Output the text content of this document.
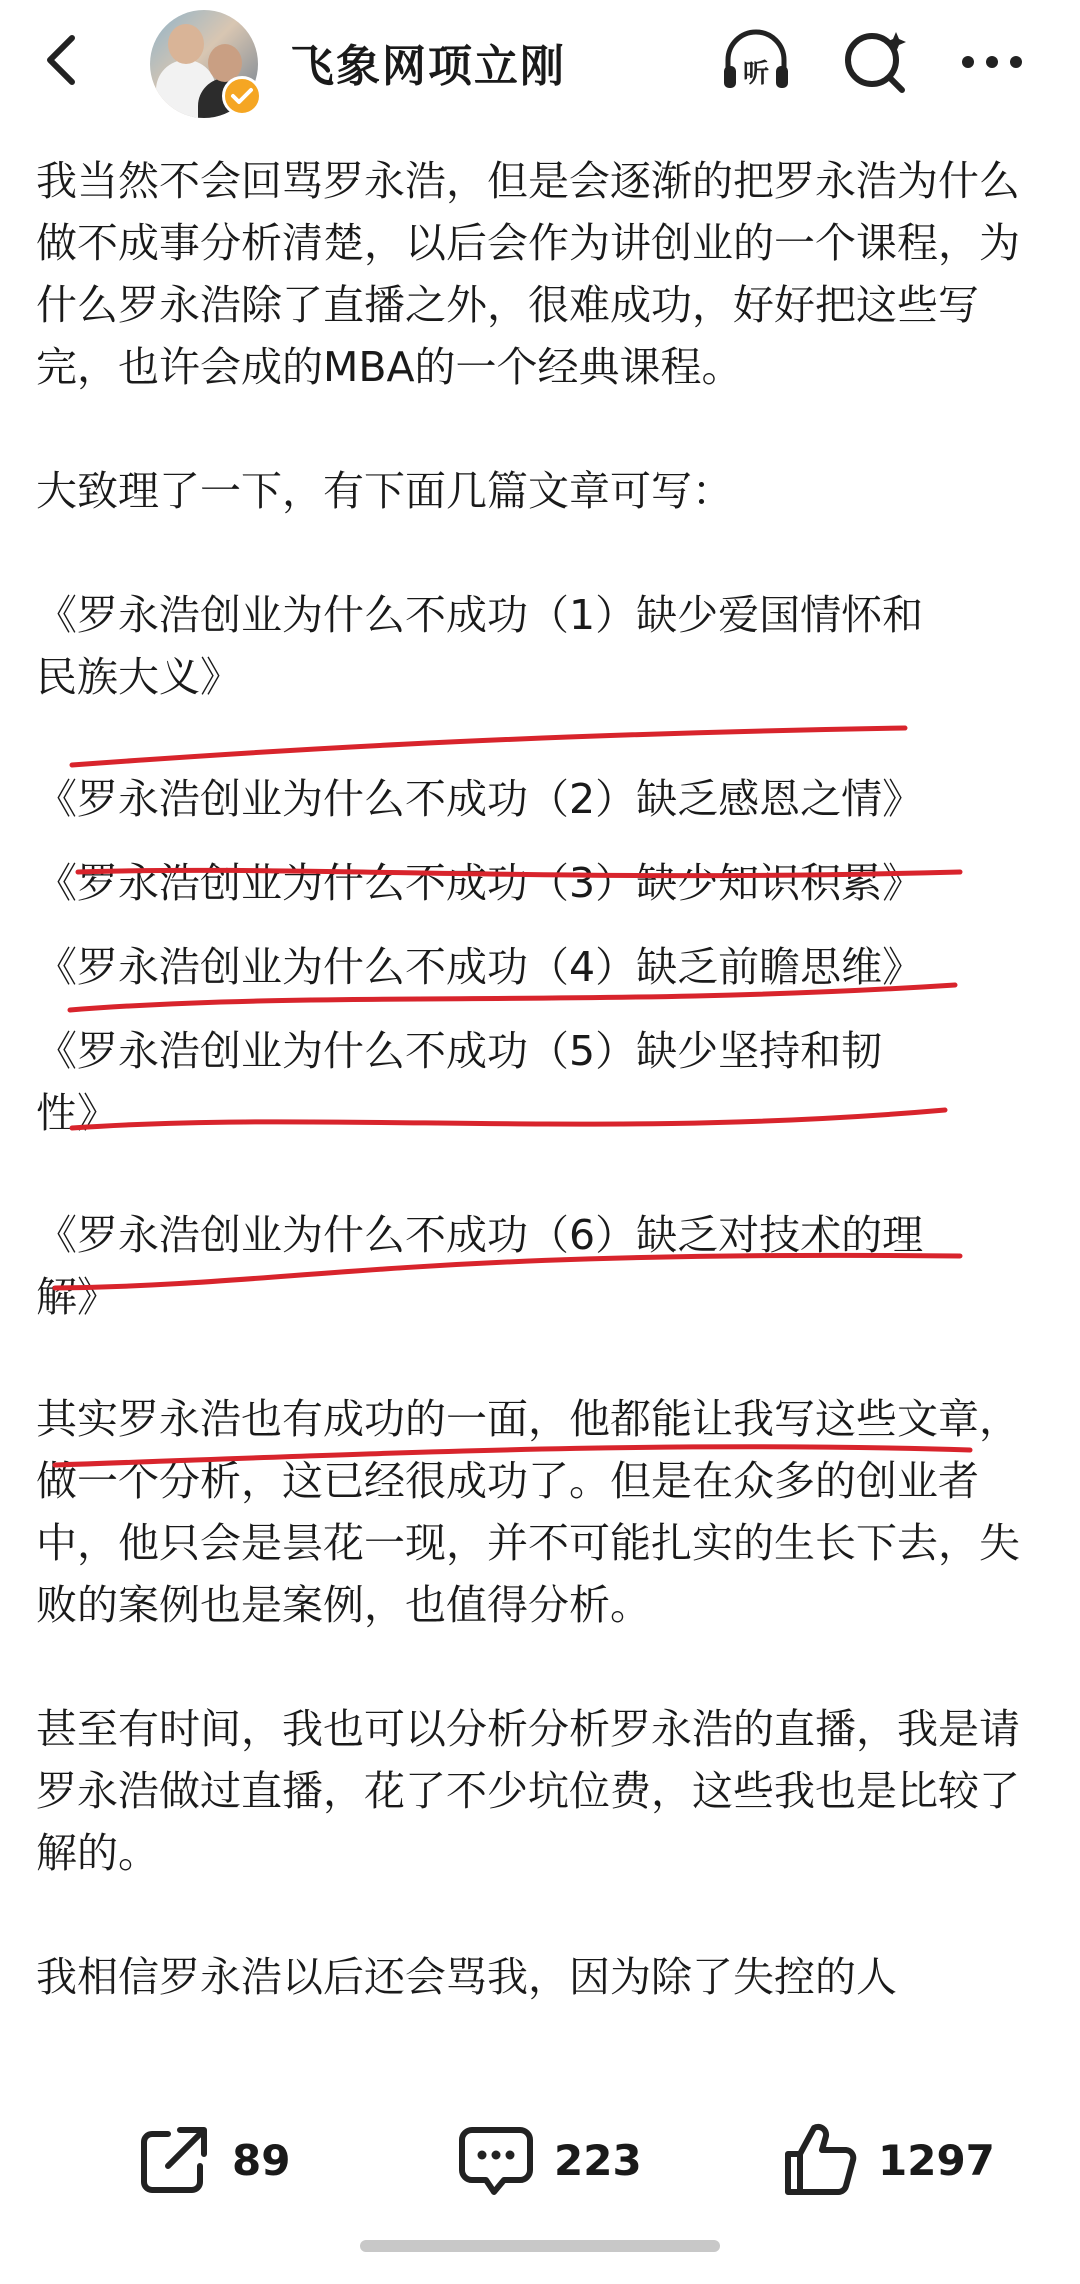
飞象网项立刚	听

我当然不会回骂罗永浩，但是会逐渐的把罗永浩为什么做不成事分析清楚，以后会作为讲创业的一个课程，为什么罗永浩除了直播之外，很难成功，好好把这些写完，也许会成的MBA的一个经典课程。

大致理了一下，有下面几篇文章可写：

《罗永浩创业为什么不成功（1）缺少爱国情怀和
民族大义》
《罗永浩创业为什么不成功（2）缺乏感恩之情》
《罗永浩创业为什么不成功（3）缺少知识积累》
《罗永浩创业为什么不成功（4）缺乏前瞻思维》
《罗永浩创业为什么不成功（5）缺少坚持和韧
性》
《罗永浩创业为什么不成功（6）缺乏对技术的理
解》

其实罗永浩也有成功的一面，他都能让我写这些文章，做一个分析，这已经很成功了。但是在众多的创业者中，他只会是昙花一现，并不可能扎实的生长下去，失败的案例也是案例，也值得分析。

甚至有时间，我也可以分析分析罗永浩的直播，我是请罗永浩做过直播，花了不少坑位费，这些我也是比较了解的。

我相信罗永浩以后还会骂我，因为除了失控的人

89	223	1297
